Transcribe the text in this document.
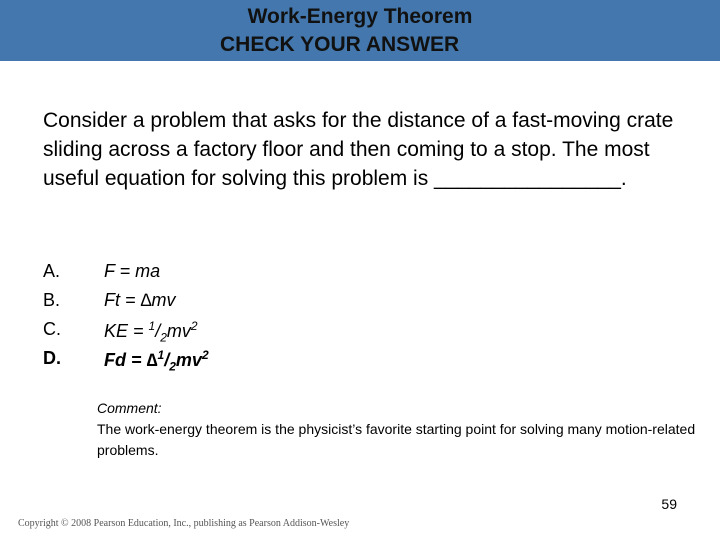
Work-Energy Theorem
CHECK YOUR ANSWER
Consider a problem that asks for the distance of a fast-moving crate sliding across a factory floor and then coming to a stop. The most useful equation for solving this problem is ________________.
A. F = ma
B. Ft = ∆mv
C. KE = $^1/_2mv^2$
D. $Fd = \Delta^1/_2mv^2$
Comment:
The work-energy theorem is the physicist’s favorite starting point for solving many motion-related problems.
59
Copyright © 2008 Pearson Education, Inc., publishing as Pearson Addison-Wesley
